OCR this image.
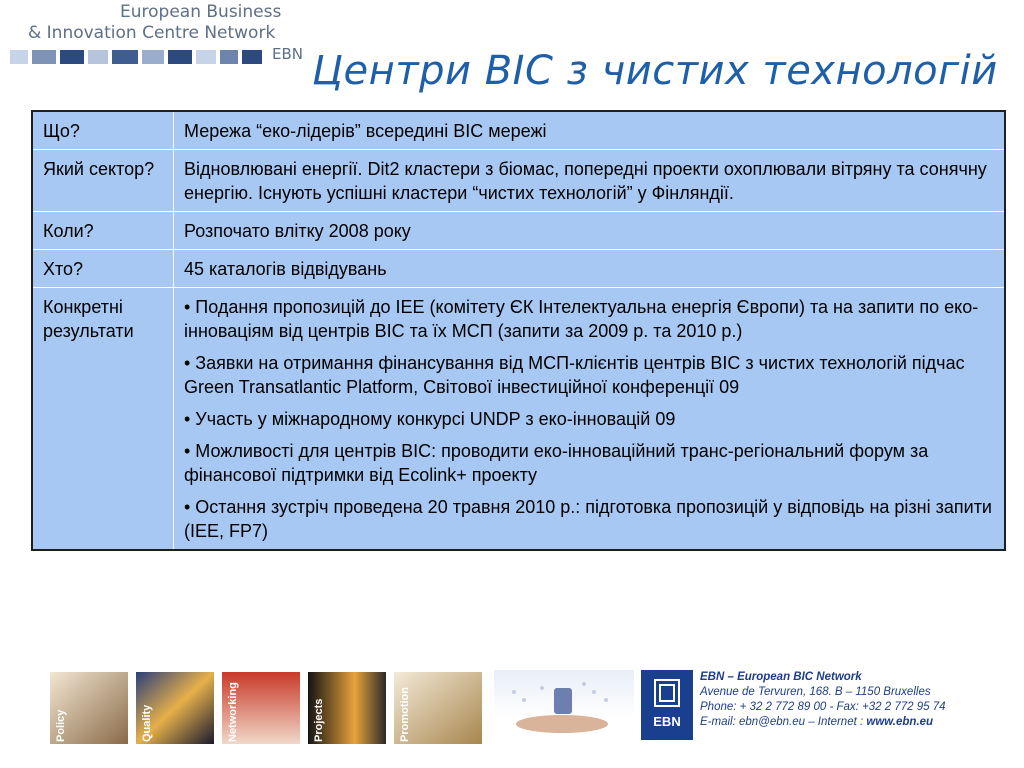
European Business
& Innovation Centre Network
EBN Центри BIC з чистих технологій
Що?	Мережа “еко-лідерів” всередині BIC мережі

Який сектор?	Відновлювані енергії. Dit2 кластери з біомас, попередні проекти охоплювали вітряну та сонячну енергію. Існують успішні кластери “чистих технологій” у Фінляндії.

Коли?	Розпочато влітку 2008 року

Хто?	45 каталогів відвідувань

Конкретні результати	• Подання пропозицій до IEE (комітету ЄК Інтелектуальна енергія Європи) та на запити по еко-інноваціям від центрів BIC та їх МСП (запити за 2009 р. та 2010 р.)

• Заявки на отримання фінансування від МСП-клієнтів центрів BIC з чистих технологій підчас Green Transatlantic Platform, Світової інвестиційної конференції 09

• Участь у міжнародному конкурсі UNDP з еко-інновацій 09

• Можливості для центрів BIC: проводити еко-інноваційний транс-регіональний форум за фінансової підтримки від Ecolink+ проекту

• Остання зустріч проведена 20 травня 2010 р.: підготовка пропозицій у відповідь на різні запити (IEE, FP7)

Policy	Quality	Networking	Projects	Promotion	EBN
EBN – European BIC Network
Avenue de Tervuren, 168. B – 1150 Bruxelles
Phone: + 32 2 772 89 00 - Fax: +32 2 772 95 74
E-mail: ebn@ebn.eu – Internet : www.ebn.eu
